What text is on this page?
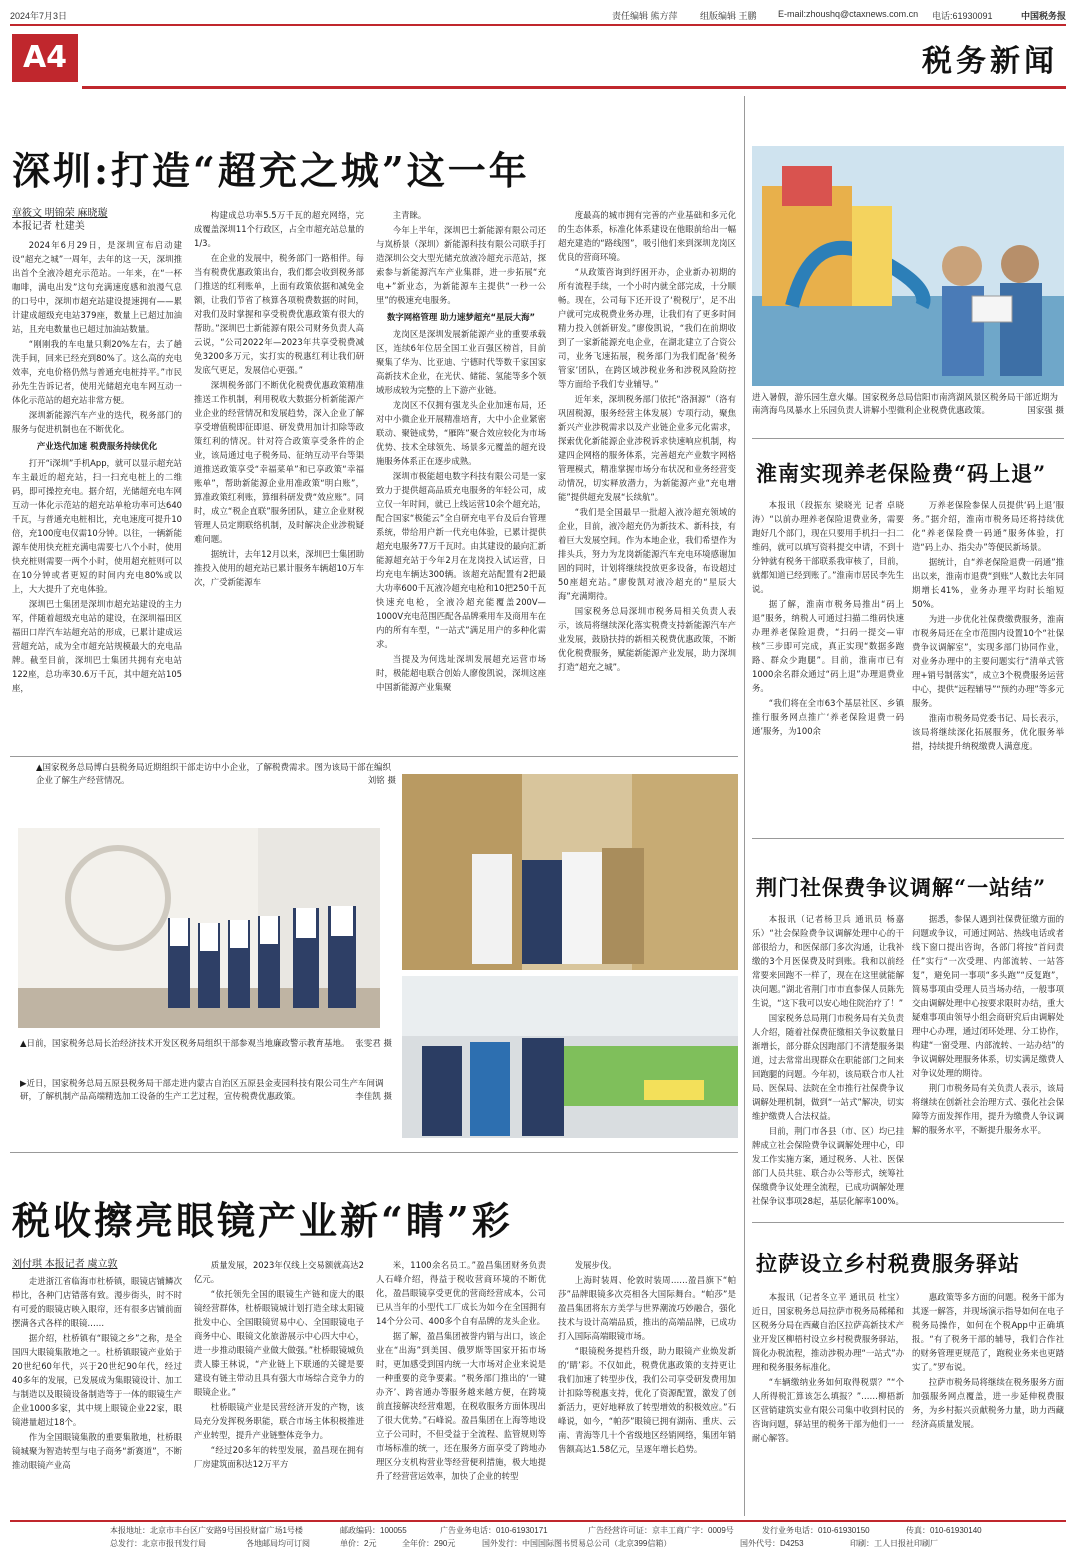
2024年7月3日	责任编辑 熊方萍 组版编辑 王鹏 E-mail:zhoushq@ctaxnews.com.cn 电话:61930091	中国税务报
A4	税务新闻
深圳:打造“超充之城”这一年
章筱文 明锦荣 麻晓璇
本报记者 杜建美

2024年6月29日，是深圳宣布启动建设“超充之城”一周年，去年的这一天，深圳推出首个全液冷超充示范站。一年来，在“一杯咖啡，满电出发”这句充满速度感和浪漫气息的口号中，深圳市超充站建设提速拥有——累计建成超级充电站379座，数量上已超过加油站，且充电数量也已超过加油站数量。

“刚刚我的车电量只剩20%左右，去了趟洗手间，回来已经充到80%了。这么高的充电效率，充电价格仍然与普通充电桩持平。”市民孙先生告诉记者，使用光储超充电车网互动一体化示范站的超充站非常方便。

深圳新能源汽车产业的迭代，税务部门的服务与促进机制也在不断优化。

产业迭代加速 税费服务持续优化

打开“i深圳”手机App，就可以显示超充站车主最近的超充站，扫一扫充电桩上的二维码，即可操控充电。据介绍，光储超充电车网互动一体化示范站的超充站单枪功率可达640千瓦，与普通充电桩相比，充电速度可提升10倍，充100度电仅需10分钟。以往，一辆新能源车使用快充桩充满电需要七八个小时，使用快充桩则需要一两个小时，使用超充桩则可以在10分钟或者更短的时间内充电80%或以上，大大提升了充电体验。

深圳巴士集团是深圳市超充站建设的主力军，伴随着超级充电站的建设，在深圳福田区福田口岸汽车站超充站的形成，已累计建成运营超充站，成为全市超充站规模最大的充电品牌。截至目前，深圳巴士集团共拥有充电站122座，总功率30.6万千瓦，其中超充站105座，

构建成总功率5.5万千瓦的超充网络，完成覆盖深圳11个行政区，占全市超充站总量的1/3。

在企业的发展中，税务部门一路相伴。每当有税费优惠政策出台，我们都会收到税务部门推送的红利账单，上面有政策依据和减免金额，让我们节省了核算各项税费数据的时间，对我们及时掌握和享受税费优惠政策有很大的帮助。”深圳巴士新能源有限公司财务负责人高云说，“公司2022年—2023年共享受税费减免3200多万元，实打实的税惠红利让我们研发底气更足，发展信心更强。”

深圳税务部门不断优化税费优惠政策精准推送工作机制，利用税收大数据分析新能源产业企业的经营情况和发展趋势，深入企业了解享受增值税即征即退、研发费用加计扣除等政策红利的情况。针对符合政策享受条件的企业，该局通过电子税务局、征纳互动平台等渠道推送政策享受“幸福菜单”和已享政策“幸福账单”，帮助新能源企业用准政策“明白账”，算准政策红利账，算细科研发费“效应账”。同时，成立“税企直联”服务团队，建立企业财税管理人员定期联络机制，及时解决企业涉税疑难问题。

据统计，去年12月以来，深圳巴士集团助推投入使用的超充站已累计服务车辆超10万车次，广受新能源车

主青睐。

今年上半年，深圳巴士新能源有限公司还与岚桥景（深圳）新能源科技有限公司联手打造深圳公交大型光储充放液冷超充示范站，探索参与新能源汽车产业集群，进一步拓展“充电+”新业态，为新能源车主提供“一秒一公里”的极速充电服务。

数字网格管理 助力速梦超充“星辰大海”

龙岗区是深圳发展新能源产业的重要承载区，连续6年位居全国工业百强区榜首，目前聚集了华为、比亚迪、宁德时代等数千家国家高新技术企业，在光伏、储能、氢能等多个领域形成较为完整的上下游产业链。

龙岗区不仅拥有强龙头企业加速布局，还对中小微企业开展精准培育，大中小企业紧密联动、聚链成势，“雁阵”聚合效应较化为市场优势、技术全球领先、场景多元覆盖的超充设施服务体系正在逐步成熟。

深圳市极能超电数字科技有限公司是一家致力于提供超高品质充电服务的年轻公司，成立仅一年时间，就已上线运营10余个超充站，配合国家“极能云”全自研充电平台及后台管理系统，带给用户新一代充电体验，已累计提供超充电服务77万千瓦时。由其建设的最向汇新能源超充站于今年2月在龙岗投入试运营，日均充电车辆达300辆。该超充站配置有2把最大功率600千瓦液冷超充电枪和10把250千瓦快速充电枪，全液冷超充能覆盖200V—1000V充电范围匹配各品牌乘用车及商用车在内的所有车型，“一站式”满足用户的多种化需求。

当提及为何选址深圳发展超充运营市场时，极能超电联合创始人廖俊凯说，深圳这座中国新能源产业集聚

度最高的城市拥有完善的产业基础和多元化的生态体系，标准化体系建设在他眼前给出一幅超充建造的“路线图”，吸引他们来到深圳龙岗区优良的营商环境。

“从政策咨询到纾困开办，企业新办初期的所有流程手续，一个小时内就全部完成，十分顺畅。现在，公司每下还开设了‘税税厅’，足不出户就可完成税费业务办理，让我们有了更多时间精力投入创新研发。”廖俊凯说，“我们在前期收到了一家新能源充电企业，在湖北建立了合资公司，业务飞速拓展，税务部门为我们配备‘税务管家’团队，在跨区域涉税业务和涉税风险防控等方面给予我们专业辅导。”

近年来，深圳税务部门依托“洛洄源”（洛有巩固税源，服务经营主体发展）专项行动，聚焦新兴产业涉税需求以及产业链企业多元化需求，探索优化新能源企业涉税诉求快速响应机制，构建四企网格的服务体系，完善超充产业数字网格管理模式，精准掌握市场分布状况和业务经营变动情况，切实释放潜力，为新能源产业“充电增能”提供超充发展“长续航”。

“我们是全国最早一批超入液冷超充领域的企业，目前，液冷超充仍为新技术、新科技，有着巨大发展空间。作为本地企业，我们希望作为排头兵，努力为龙岗新能源汽车充电环境感谢加固的同时，计划将继续投放更多设备，布设超过50座超充站。”廖俊凯对液冷超充的“星辰大海”充满期待。

国家税务总局深圳市税务局相关负责人表示，该局将继续深化落实税费支持新能源汽车产业发展，鼓励扶持的新相关税费优惠政策，不断优化税费服务，赋能新能源产业发展，助力深圳打造“超充之城”。

进入暑假，游乐园生意火爆。国家税务总局信阳市南湾湖风景区税务局干部近期为南湾海鸟凤暴水上乐园负责人讲解小型微利企业税费优惠政策。	国家强 摄
淮南实现养老保险费“码上退”

本报讯（段振东 梁晓光 记者 卓晓涛）“以前办理养老保险退费业务，需要跑好几个部门，现在只要用手机扫一扫二维码，就可以填写资料提交申请，不到十分钟就有税务干部联系我审核了，目前，就都知道已经到账了。”淮南市居民李先生说。

据了解，淮南市税务局推出“码上退”服务，纳税人可通过扫描二维码快速办理养老保险退费，“扫码一提交—审核”三步即可完成，真正实现“数据多跑路、群众少跑腿”。目前，淮南市已有1000余名群众通过“码上退”办理退费业务。

“我们将在全市63个基层社区、乡镇推行服务网点推广‘养老保险退费一码通’服务，为100余

万养老保险参保人员提供‘码上退’服务。”据介绍，淮南市税务局还将持续优化“养老保险费一码通”服务体验，打造“码上办、指尖办”等便民新场景。

据统计，自“养老保险退费一码通”推出以来，淮南市退费“到账”人数比去年同期增长41%，业务办理平均时长缩短50%。

为进一步优化社保费缴费服务，淮南市税务局还在全市范围内设置10个“社保费争议调解室”，实现多部门协同作业，对业务办理中的主要问题实行“清单式管理+销号制落实”，成立3个税费服务运营中心，提供“远程辅导”“预约办理”等多元服务。

淮南市税务局党委书记、局长表示，该局将继续深化拓展服务，优化服务举措，持续提升纳税缴费人满意度。

荆门社保费争议调解“一站结”

本报讯（记者杨卫兵 通讯员 杨嘉乐）“社会保险费争议调解处理中心的干部很给力，和医保部门多次沟通，让我补缴的3个月医保费及时到账。我和以前经常要来回跑不一样了，现在在这里就能解决问题。”湖北省荆门市市直参保人员陈先生说，“这下我可以安心地住院治疗了！”

国家税务总局荆门市税务局有关负责人介绍，随着社保费征缴相关争议数量日渐增长，部分群众因跑部门不清楚服务渠道，过去常常出现群众在职能部门之间来回跑腿的问题。今年初，该局联合市人社局、医保局、法院在全市推行社保费争议调解处理机制，做到“一站式”解决，切实维护缴费人合法权益。

目前，荆门市各县（市、区）均已挂牌成立社会保险费争议调解处理中心，印发工作实施方案，通过税务、人社、医保部门人员共驻、联合办公等形式，统筹社保缴费争议处理全流程，已成功调解处理社保争议事项28起，基层化解率100%。

据悉，参保人遇到社保费征缴方面的问题或争议，可通过网站、热线电话或者线下窗口提出咨询，各部门将按“首问责任”实行“一次受理、内部流转、一站答复”，避免同一事项“多头跑”“反复跑”，简易事项由受理人员当场办结，一般事项交由调解处理中心按要求限时办结，重大疑难事项由领导小组会商研究后由调解处理中心办理，通过闭环处理、分工协作，构建“一窗受理、内部流转、一站办结”的争议调解处理服务体系，切实满足缴费人对争议处理的期待。

荆门市税务局有关负责人表示，该局将继续在创新社会治理方式、强化社会保障等方面发挥作用，提升为缴费人争议调解的服务水平，不断提升服务水平。

拉萨设立乡村税费服务驿站

本报讯（记者冬立平 通讯员 杜宝）近日，国家税务总局拉萨市税务局稀稀和区税务分局在西藏自治区拉萨高新技术产业开发区柳梧村设立乡村税费服务驿站，简化办税流程，推动涉税办理“一站式”办理和税务服务标准化。

“车辆缴纳业务如何取得税票？”“个人所得税汇算该怎么填报？”……柳梧新区营销建筑实业有限公司集中收到村民的咨询问题，驿站里的税务干部为他们一一耐心解答。

惠政策等多方面的问题。税务干部为其逐一解答，并现场演示指导如何在电子税务局操作，如何在个税App中正确填报。“有了税务干部的辅导，我们合作社的财务管理更规范了，跑税业务来也更踏实了。”罗布说。

拉萨市税务局将继续在税务服务方面加强服务网点覆盖，进一步延伸税费服务，为乡村振兴贡献税务力量，助力西藏经济高质量发展。

▲国家税务总局博白县税务局近期组织干部走访中小企业，了解税费需求。图为该局干部在编织企业了解生产经营情况。	刘铭 摄
▲日前，国家税务总局长治经济技术开发区税务局组织干部参观当地廉政警示教育基地。 张雯君 摄
▶近日，国家税务总局五原县税务局干部走进内蒙古自治区五原县金麦园科技有限公司生产车间调研，了解机制产品高端精选加工设备的生产工艺过程，宣传税费优惠政策。	李佳凯 摄
税收擦亮眼镜产业新“睛”彩
刘付琪 本报记者 虞立敦

走进浙江省临海市杜桥镇，眼镜店铺鳞次栉比，各种门店错落有致。漫步街头，时不时有可爱的眼镜店映入眼帘，还有很多店铺前面摆满各式各样的眼镜……

据介绍，杜桥镇有“眼镜之乡”之称，是全国四大眼镜集散地之一。杜桥镇眼镜产业始于20世纪60年代，兴于20世纪90年代，经过40多年的发展，已发展成为集眼镜设计、加工与制造以及眼镜设备制造等于一体的眼镜生产企业1000多家，其中规上眼镜企业22家，眼镜港量超过18个。

作为全国眼镜集散的重要集散地，杜桥眼镜城聚为智造转型与电子商务“新赛道”，不断推动眼镜产业高

质量发展，2023年仅线上交易额就高达2亿元。

“依托领先全国的眼镜生产链和庞大的眼镜经营群体，杜桥眼镜城计划打造全球太阳镜批发中心、全国眼镜贸易中心、全国眼镜电子商务中心、眼镜文化旅游展示中心四大中心，进一步推动眼镜产业做大做强。”杜桥眼镜城负责人滕王林说，“产业链上下联通的关键是要建设有链主带动且具有强大市场综合竞争力的眼镜企业。”

杜桥眼镜产业是民营经济开发的产物，该局充分发挥税务职能，联合市场主体积极推进产业转型，提升产业链整体竞争力。

“经过20多年的转型发展，盈昌现在拥有厂房建筑面积达12万平方

米，1100余名员工。”盈昌集团财务负责人石峰介绍，得益于税收营商环境的不断优化，盈昌眼镜享受更优的营商经营成本，公司已从当年的小型代工厂成长为如今在全国拥有14个分公司、400多个自有品牌的龙头企业。

据了解，盈昌集团被誉内销与出口，该企业在“出海”到美国、俄罗斯等国家开拓市场时，更加感受到国内统一大市场对企业来说是一种重要的竞争要素。“税务部门推出的‘一键办齐’、跨省通办等服务越来越方便，在跨境前直接解决经营难题，在税收服务方面体现出了很大优势。”石峰说。盈昌集团在上海等地设立子公司时，不但受益于全流程、监管规则等市场标准的统一，还在服务方面享受了跨地办理区分支机构营业等经营便利措施，极大地提升了经营营运效率，加快了企业的转型

发展步伐。

上海时装周、伦敦时装周……盈昌旗下“帕莎”品牌眼镜多次亮相各大国际舞台。“帕莎”是盈昌集团将东方美学与世界潮流巧妙融合，强化技术与设计高端品质，推出的高端品牌，已成功打入国际高端眼镜市场。

“眼镜税务提档升级，助力眼镜产业焕发新的‘睛’彩。不仅如此，税费优惠政策的支持更让我们加速了转型步伐，我们公司享受研发费用加计扣除等税惠支持，优化了资源配置，激发了创新活力，更好地释放了转型增效的积极效应。”石峰说，如今，“帕莎”眼镜已拥有湖南、重庆、云南、青海等几十个省级地区经销网络，集团年销售额高达1.58亿元，呈逐年增长趋势。

本报地址：北京市丰台区广安路9号国投财富广场1号楼	邮政编码：100055	广告业务电话：010-61930171	广告经营许可证：京丰工商广字：0009号	发行业务电话：010-61930150	传真：010-61930140
总发行：北京市报刊发行局	各地邮局均可订阅	单价：2元	全年价：290元	国外发行：中国国际图书贸易总公司（北京399信箱）	国外代号：D4253	印刷：工人日报社印刷厂
